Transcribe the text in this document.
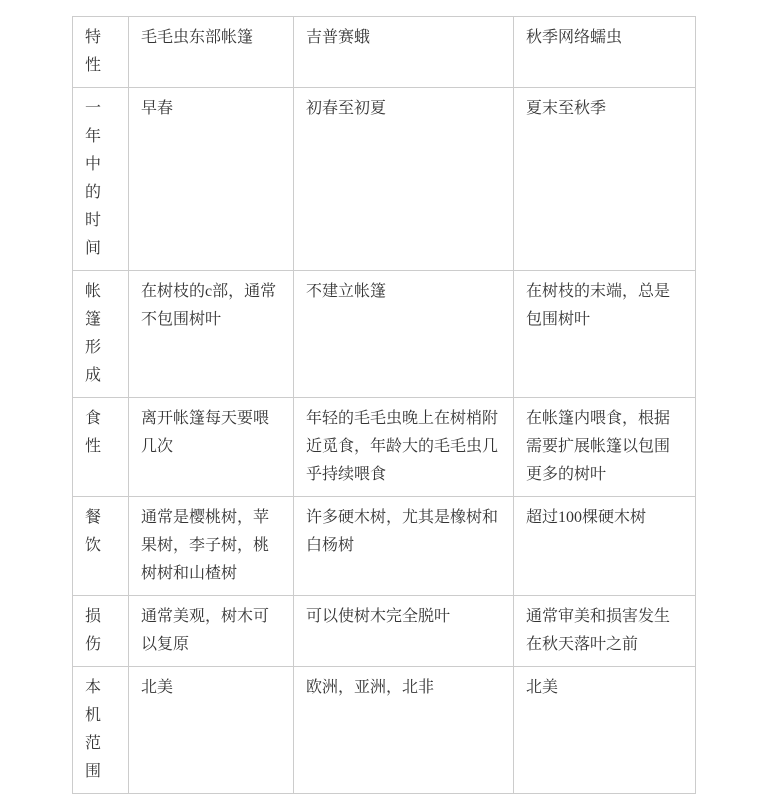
特性	毛毛虫东部帐篷	吉普赛蛾	秋季网络蠕虫
一年中的时间	早春	初春至初夏	夏末至秋季
帐篷形成	在树枝的c部，通常不包围树叶	不建立帐篷	在树枝的末端，总是包围树叶
食性	离开帐篷每天要喂几次	年轻的毛毛虫晚上在树梢附近觅食，年龄大的毛毛虫几乎持续喂食	在帐篷内喂食，根据需要扩展帐篷以包围更多的树叶
餐饮	通常是樱桃树，苹果树，李子树，桃树树和山楂树	许多硬木树，尤其是橡树和白杨树	超过100棵硬木树
损伤	通常美观，树木可以复原	可以使树木完全脱叶	通常审美和损害发生在秋天落叶之前
本机范围	北美	欧洲，亚洲，北非	北美
